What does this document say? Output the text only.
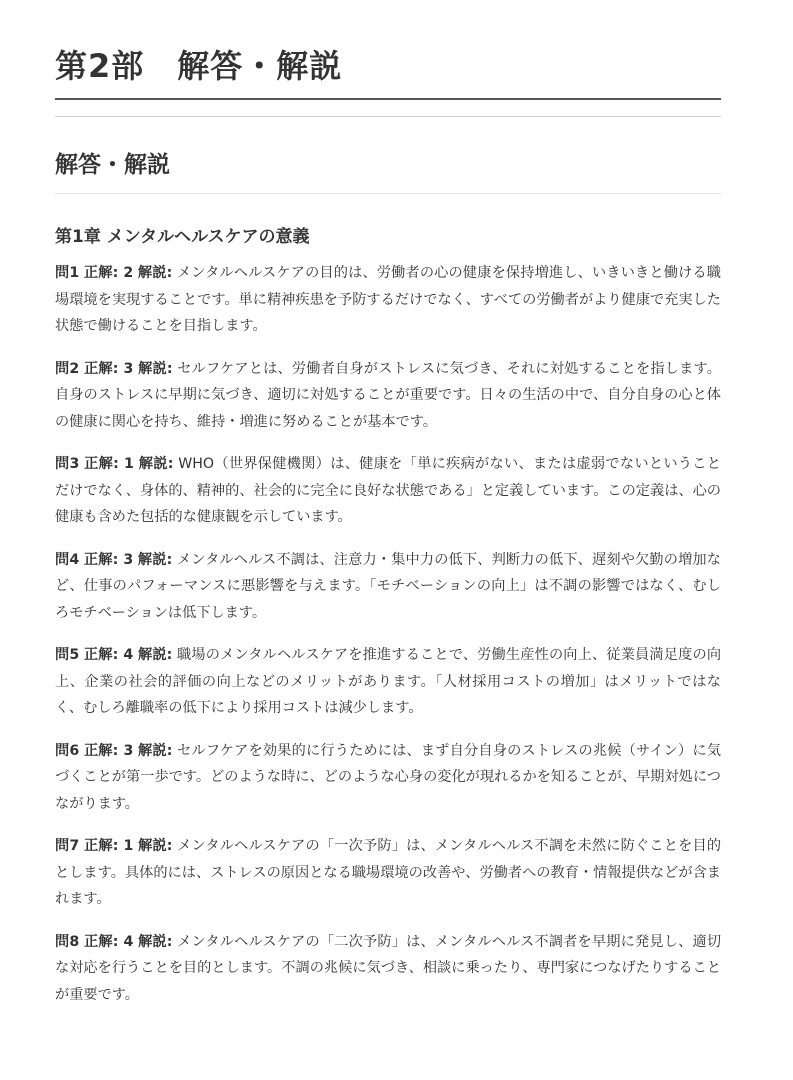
第2部　解答・解説
解答・解説
第1章 メンタルヘルスケアの意義

問1 正解: 2 解説: メンタルヘルスケアの目的は、労働者の心の健康を保持増進し、いきいきと働ける職場環境を実現することです。単に精神疾患を予防するだけでなく、すべての労働者がより健康で充実した状態で働けることを目指します。

問2 正解: 3 解説: セルフケアとは、労働者自身がストレスに気づき、それに対処することを指します。自身のストレスに早期に気づき、適切に対処することが重要です。日々の生活の中で、自分自身の心と体の健康に関心を持ち、維持・増進に努めることが基本です。

問3 正解: 1 解説: WHO（世界保健機関）は、健康を「単に疾病がない、または虚弱でないということだけでなく、身体的、精神的、社会的に完全に良好な状態である」と定義しています。この定義は、心の健康も含めた包括的な健康観を示しています。

問4 正解: 3 解説: メンタルヘルス不調は、注意力・集中力の低下、判断力の低下、遅刻や欠勤の増加など、仕事のパフォーマンスに悪影響を与えます。「モチベーションの向上」は不調の影響ではなく、むしろモチベーションは低下します。

問5 正解: 4 解説: 職場のメンタルヘルスケアを推進することで、労働生産性の向上、従業員満足度の向上、企業の社会的評価の向上などのメリットがあります。「人材採用コストの増加」はメリットではなく、むしろ離職率の低下により採用コストは減少します。

問6 正解: 3 解説: セルフケアを効果的に行うためには、まず自分自身のストレスの兆候（サイン）に気づくことが第一歩です。どのような時に、どのような心身の変化が現れるかを知ることが、早期対処につながります。

問7 正解: 1 解説: メンタルヘルスケアの「一次予防」は、メンタルヘルス不調を未然に防ぐことを目的とします。具体的には、ストレスの原因となる職場環境の改善や、労働者への教育・情報提供などが含まれます。

問8 正解: 4 解説: メンタルヘルスケアの「二次予防」は、メンタルヘルス不調者を早期に発見し、適切な対応を行うことを目的とします。不調の兆候に気づき、相談に乗ったり、専門家につなげたりすることが重要です。
